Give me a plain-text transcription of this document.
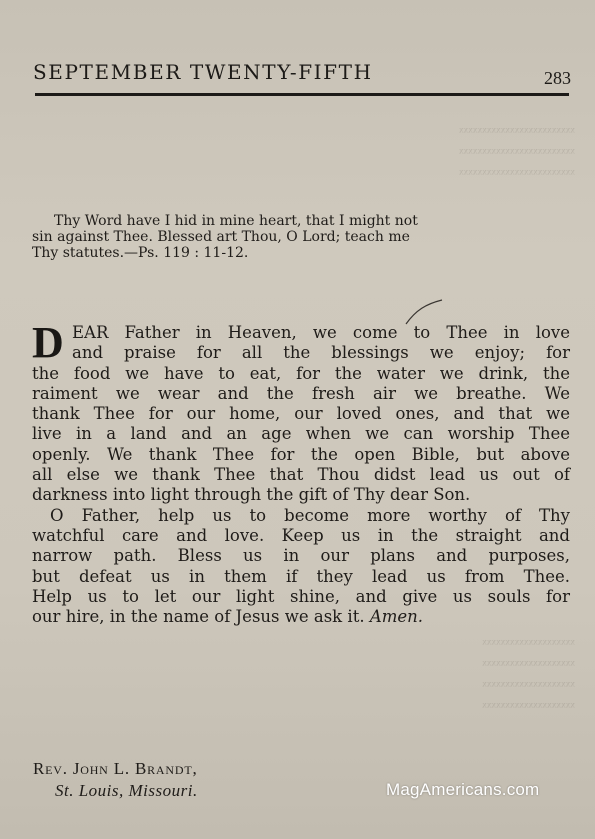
ₓₓₓₓₓₓₓₓₓₓₓₓₓₓₓₓₓₓₓₓₓₓₓₓₓ
ₓₓₓₓₓₓₓₓₓₓₓₓₓₓₓₓₓₓₓₓₓₓₓₓₓ
ₓₓₓₓₓₓₓₓₓₓₓₓₓₓₓₓₓₓₓₓₓₓₓₓₓ
SEPTEMBER TWENTY-FIFTH	283
Thy Word have I hid in mine heart, that I might not
sin against Thee. Blessed art Thou, O Lord; teach me
Thy statutes.—Ps. 119 : 11-12.
D EAR Father in Heaven, we come to Thee in love
and praise for all the blessings we enjoy; for
the food we have to eat, for the water we drink, the
raiment we wear and the fresh air we breathe. We
thank Thee for our home, our loved ones, and that we
live in a land and an age when we can worship Thee
openly. We thank Thee for the open Bible, but above
all else we thank Thee that Thou didst lead us out of
darkness into light through the gift of Thy dear Son.
O Father, help us to become more worthy of Thy
watchful care and love. Keep us in the straight and
narrow path. Bless us in our plans and purposes,
but defeat us in them if they lead us from Thee.
Help us to let our light shine, and give us souls for
our hire, in the name of Jesus we ask it. Amen.
ₓₓₓₓₓₓₓₓₓₓₓₓₓₓₓₓₓₓₓₓ
ₓₓₓₓₓₓₓₓₓₓₓₓₓₓₓₓₓₓₓₓ
ₓₓₓₓₓₓₓₓₓₓₓₓₓₓₓₓₓₓₓₓ
ₓₓₓₓₓₓₓₓₓₓₓₓₓₓₓₓₓₓₓₓ
Rev. John L. Brandt,
St. Louis, Missouri.	MagAmericans.com
